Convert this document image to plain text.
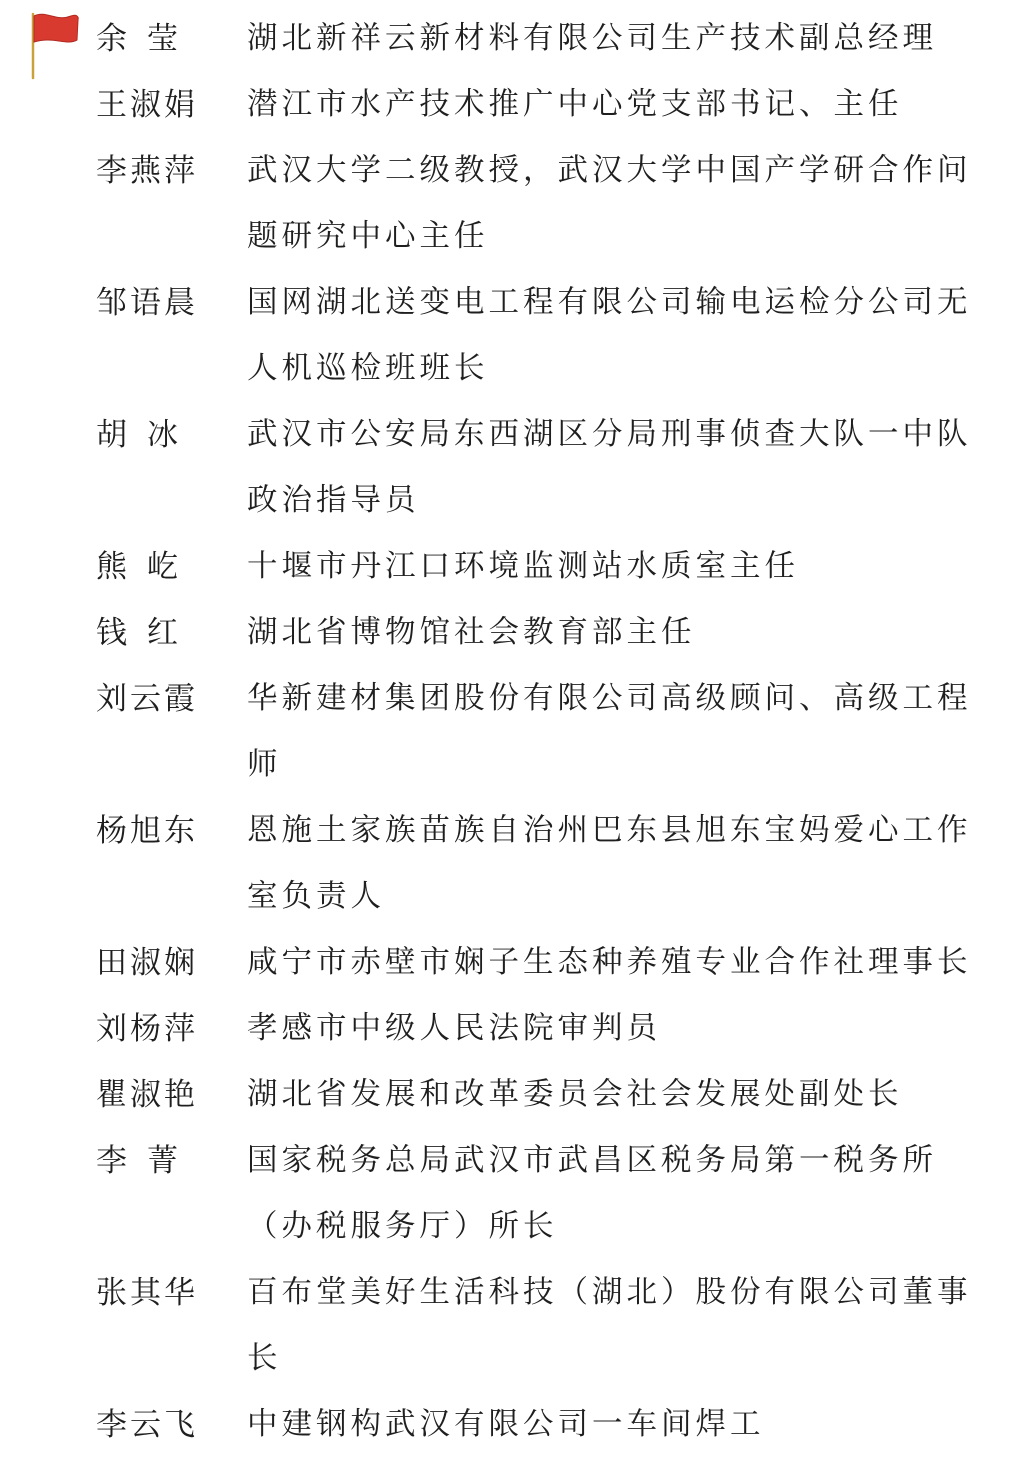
余莹	湖北新祥云新材料有限公司生产技术副总经理
王淑娟	潜江市水产技术推广中心党支部书记、主任
李燕萍	武汉大学二级教授，武汉大学中国产学研合作问题研究中心主任
邹语晨	国网湖北送变电工程有限公司输电运检分公司无人机巡检班班长
胡冰	武汉市公安局东西湖区分局刑事侦查大队一中队政治指导员
熊屹	十堰市丹江口环境监测站水质室主任
钱红	湖北省博物馆社会教育部主任
刘云霞	华新建材集团股份有限公司高级顾问、高级工程师
杨旭东	恩施土家族苗族自治州巴东县旭东宝妈爱心工作室负责人
田淑娴	咸宁市赤壁市娴子生态种养殖专业合作社理事长
刘杨萍	孝感市中级人民法院审判员
瞿淑艳	湖北省发展和改革委员会社会发展处副处长
李菁	国家税务总局武汉市武昌区税务局第一税务所（办税服务厅）所长
张其华	百布堂美好生活科技（湖北）股份有限公司董事长
李云飞	中建钢构武汉有限公司一车间焊工
